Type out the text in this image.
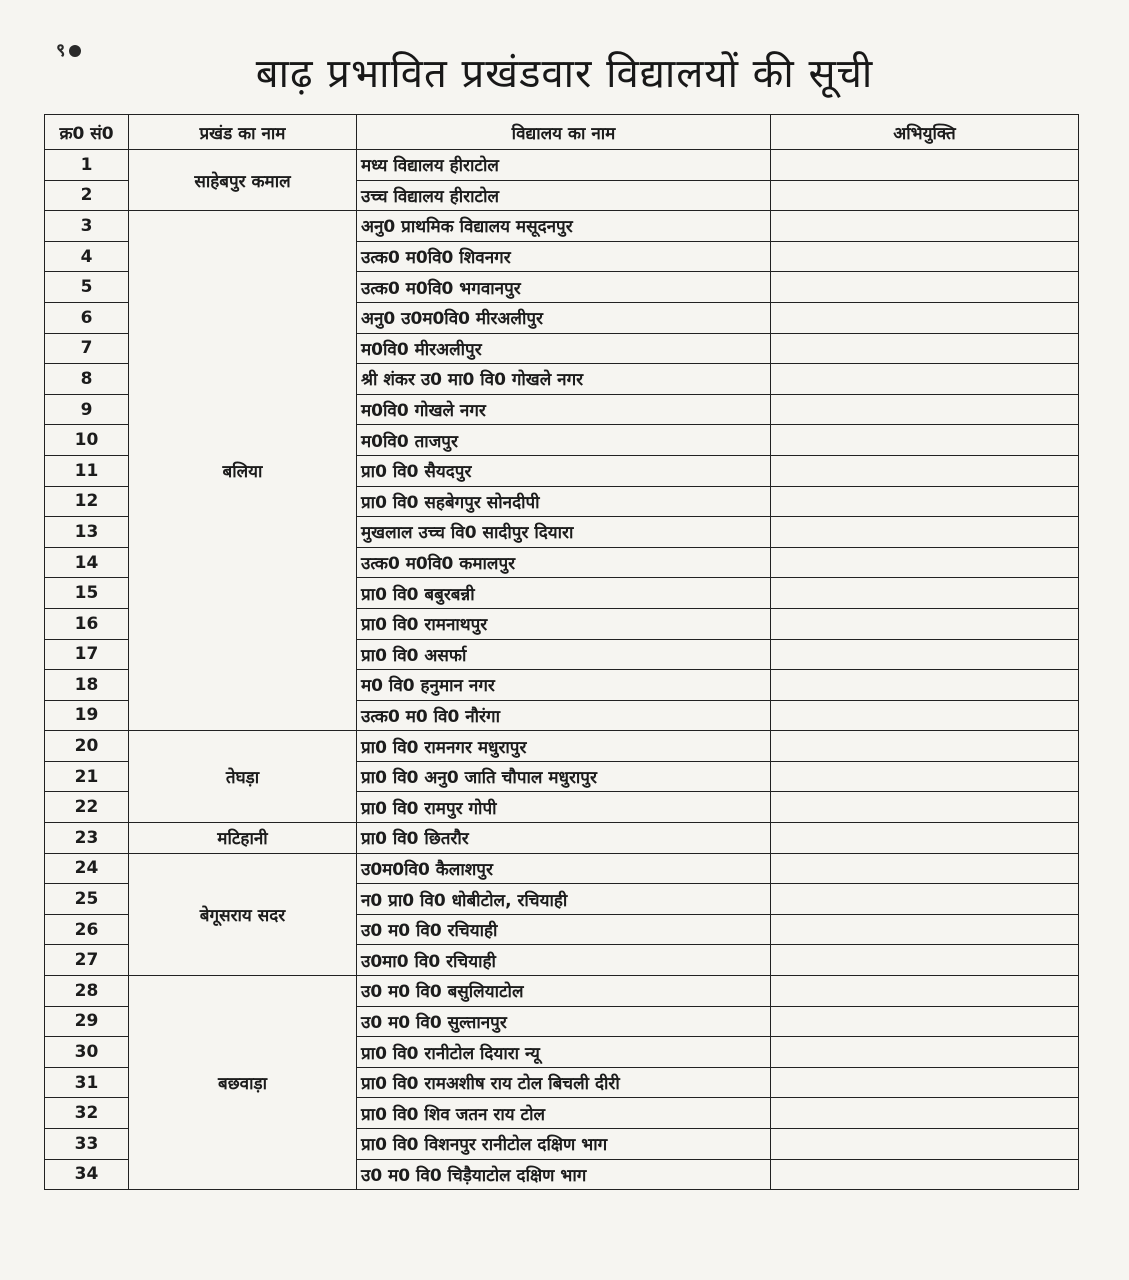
९
बाढ़ प्रभावित प्रखंडवार विद्यालयों की सूची
क्र0 सं0	प्रखंड का नाम	विद्यालय का नाम	अभियुक्ति
1	साहेबपुर कमाल	मध्य विद्यालय हीराटोल	
2		उच्च विद्यालय हीराटोल	
3	बलिया	अनु0 प्राथमिक विद्यालय मसूदनपुर	
4		उत्क0 म0वि0 शिवनगर	
5		उत्क0 म0वि0 भगवानपुर	
6		अनु0 उ0म0वि0 मीरअलीपुर	
7		म0वि0 मीरअलीपुर	
8		श्री शंकर उ0 मा0 वि0 गोखले नगर	
9		म0वि0 गोखले नगर	
10		म0वि0 ताजपुर	
11		प्रा0 वि0 सैयदपुर	
12		प्रा0 वि0 सहबेगपुर सोनदीपी	
13		मुखलाल उच्च वि0 सादीपुर दियारा	
14		उत्क0 म0वि0 कमालपुर	
15		प्रा0 वि0 बबुरबन्नी	
16		प्रा0 वि0 रामनाथपुर	
17		प्रा0 वि0 असर्फा	
18		म0 वि0 हनुमान नगर	
19		उत्क0 म0 वि0 नौरंगा	
20	तेघड़ा	प्रा0 वि0 रामनगर मधुरापुर	
21		प्रा0 वि0 अनु0 जाति चौपाल मधुरापुर	
22		प्रा0 वि0 रामपुर गोपी	
23	मटिहानी	प्रा0 वि0 छितरौर	
24	बेगूसराय सदर	उ0म0वि0 कैलाशपुर	
25		न0 प्रा0 वि0 धोबीटोल, रचियाही	
26		उ0 म0 वि0 रचियाही	
27		उ0मा0 वि0 रचियाही	
28	बछवाड़ा	उ0 म0 वि0 बसुलियाटोल	
29		उ0 म0 वि0 सुल्तानपुर	
30		प्रा0 वि0 रानीटोल दियारा न्यू	
31		प्रा0 वि0 रामअशीष राय टोल बिचली दीरी	
32		प्रा0 वि0 शिव जतन राय टोल	
33		प्रा0 वि0 विशनपुर रानीटोल दक्षिण भाग	
34		उ0 म0 वि0 चिड़ैयाटोल दक्षिण भाग	
